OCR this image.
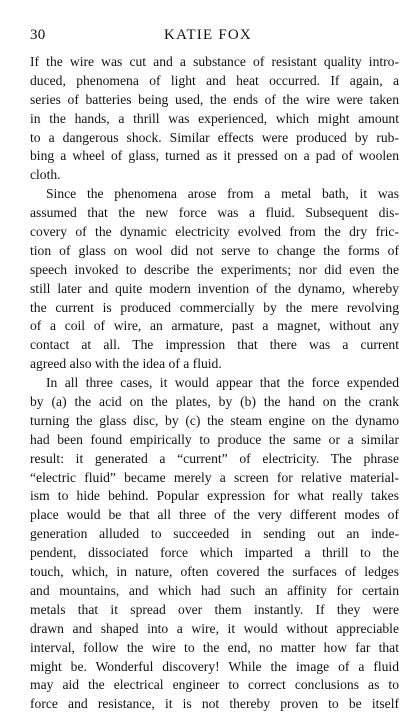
30	KATIE FOX
If the wire was cut and a substance of resistant quality intro-
duced, phenomena of light and heat occurred. If again, a
series of batteries being used, the ends of the wire were taken
in the hands, a thrill was experienced, which might amount
to a dangerous shock. Similar effects were produced by rub-
bing a wheel of glass, turned as it pressed on a pad of woolen
cloth.
Since the phenomena arose from a metal bath, it was
assumed that the new force was a fluid. Subsequent dis-
covery of the dynamic electricity evolved from the dry fric-
tion of glass on wool did not serve to change the forms of
speech invoked to describe the experiments; nor did even the
still later and quite modern invention of the dynamo, whereby
the current is produced commercially by the mere revolving
of a coil of wire, an armature, past a magnet, without any
contact at all. The impression that there was a current
agreed also with the idea of a fluid.
In all three cases, it would appear that the force expended
by (a) the acid on the plates, by (b) the hand on the crank
turning the glass disc, by (c) the steam engine on the dynamo
had been found empirically to produce the same or a similar
result: it generated a “current” of electricity. The phrase
“electric fluid” became merely a screen for relative material-
ism to hide behind. Popular expression for what really takes
place would be that all three of the very different modes of
generation alluded to succeeded in sending out an inde-
pendent, dissociated force which imparted a thrill to the
touch, which, in nature, often covered the surfaces of ledges
and mountains, and which had such an affinity for certain
metals that it spread over them instantly. If they were
drawn and shaped into a wire, it would without appreciable
interval, follow the wire to the end, no matter how far that
might be. Wonderful discovery! While the image of a fluid
may aid the electrical engineer to correct conclusions as to
force and resistance, it is not thereby proven to be itself
